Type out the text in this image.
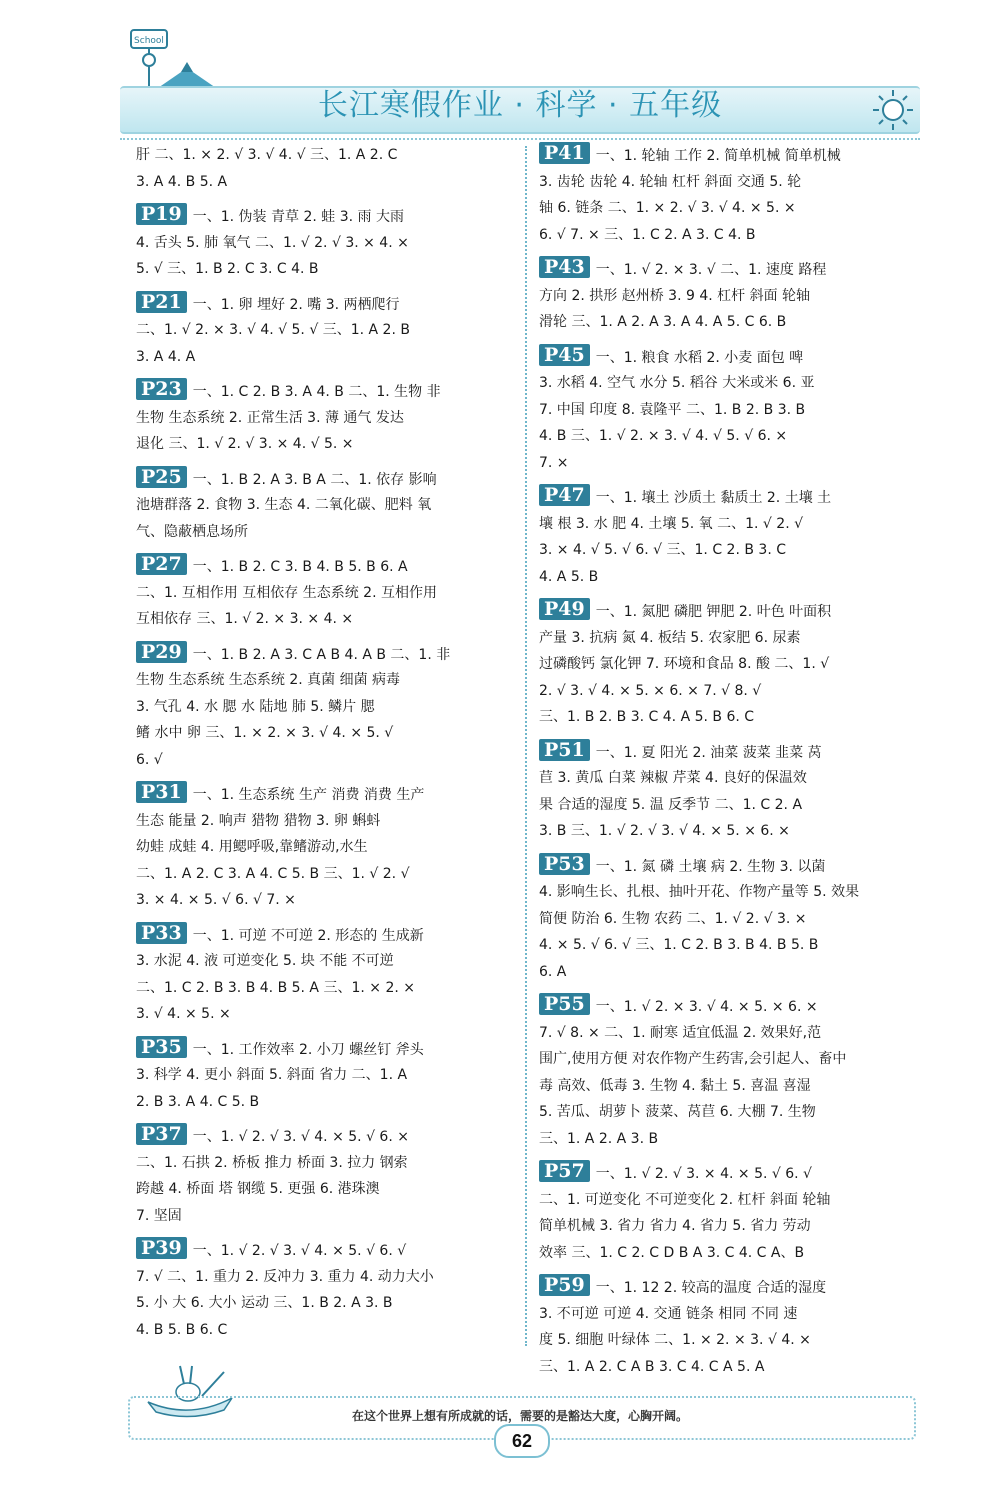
School
长江寒假作业 · 科学 · 五年级
肝 二、1. × 2. √ 3. √ 4. √ 三、1. A 2. C
3. A 4. B 5. A
P19 一、1. 伪装 青草 2. 蛙 3. 雨 大雨
4. 舌头 5. 肺 氧气 二、1. √ 2. √ 3. × 4. ×
5. √ 三、1. B 2. C 3. C 4. B
P21 一、1. 卵 埋好 2. 嘴 3. 两栖爬行
二、1. √ 2. × 3. √ 4. √ 5. √ 三、1. A 2. B
3. A 4. A
P23 一、1. C 2. B 3. A 4. B 二、1. 生物 非
生物 生态系统 2. 正常生活 3. 薄 通气 发达
退化 三、1. √ 2. √ 3. × 4. √ 5. ×
P25 一、1. B 2. A 3. B A 二、1. 依存 影响
池塘群落 2. 食物 3. 生态 4. 二氧化碳、肥料 氧
气、隐蔽栖息场所
P27 一、1. B 2. C 3. B 4. B 5. B 6. A
二、1. 互相作用 互相依存 生态系统 2. 互相作用
互相依存 三、1. √ 2. × 3. × 4. ×
P29 一、1. B 2. A 3. C A B 4. A B 二、1. 非
生物 生态系统 生态系统 2. 真菌 细菌 病毒
3. 气孔 4. 水 腮 水 陆地 肺 5. 鳞片 腮
鳍 水中 卵 三、1. × 2. × 3. √ 4. × 5. √
6. √
P31 一、1. 生态系统 生产 消费 消费 生产
生态 能量 2. 响声 猎物 猎物 3. 卵 蝌蚪
幼蛙 成蛙 4. 用鳃呼吸,靠鳍游动,水生
二、1. A 2. C 3. A 4. C 5. B 三、1. √ 2. √
3. × 4. × 5. √ 6. √ 7. ×
P33 一、1. 可逆 不可逆 2. 形态的 生成新
3. 水泥 4. 液 可逆变化 5. 块 不能 不可逆
二、1. C 2. B 3. B 4. B 5. A 三、1. × 2. ×
3. √ 4. × 5. ×
P35 一、1. 工作效率 2. 小刀 螺丝钉 斧头
3. 科学 4. 更小 斜面 5. 斜面 省力 二、1. A
2. B 3. A 4. C 5. B
P37 一、1. √ 2. √ 3. √ 4. × 5. √ 6. ×
二、1. 石拱 2. 桥板 推力 桥面 3. 拉力 钢索
跨越 4. 桥面 塔 钢缆 5. 更强 6. 港珠澳
7. 坚固
P39 一、1. √ 2. √ 3. √ 4. × 5. √ 6. √
7. √ 二、1. 重力 2. 反冲力 3. 重力 4. 动力大小
5. 小 大 6. 大小 运动 三、1. B 2. A 3. B
4. B 5. B 6. C
P41 一、1. 轮轴 工作 2. 简单机械 简单机械
3. 齿轮 齿轮 4. 轮轴 杠杆 斜面 交通 5. 轮
轴 6. 链条 二、1. × 2. √ 3. √ 4. × 5. ×
6. √ 7. × 三、1. C 2. A 3. C 4. B
P43 一、1. √ 2. × 3. √ 二、1. 速度 路程
方向 2. 拱形 赵州桥 3. 9 4. 杠杆 斜面 轮轴
滑轮 三、1. A 2. A 3. A 4. A 5. C 6. B
P45 一、1. 粮食 水稻 2. 小麦 面包 啤
3. 水稻 4. 空气 水分 5. 稻谷 大米或米 6. 亚
7. 中国 印度 8. 袁隆平 二、1. B 2. B 3. B
4. B 三、1. √ 2. × 3. √ 4. √ 5. √ 6. ×
7. ×
P47 一、1. 壤土 沙质土 黏质土 2. 土壤 土
壤 根 3. 水 肥 4. 土壤 5. 氧 二、1. √ 2. √
3. × 4. √ 5. √ 6. √ 三、1. C 2. B 3. C
4. A 5. B
P49 一、1. 氮肥 磷肥 钾肥 2. 叶色 叶面积
产量 3. 抗病 氮 4. 板结 5. 农家肥 6. 尿素
过磷酸钙 氯化钾 7. 环境和食品 8. 酸 二、1. √
2. √ 3. √ 4. × 5. × 6. × 7. √ 8. √
三、1. B 2. B 3. C 4. A 5. B 6. C
P51 一、1. 夏 阳光 2. 油菜 菠菜 韭菜 莴
苣 3. 黄瓜 白菜 辣椒 芹菜 4. 良好的保温效
果 合适的湿度 5. 温 反季节 二、1. C 2. A
3. B 三、1. √ 2. √ 3. √ 4. × 5. × 6. ×
P53 一、1. 氮 磷 土壤 病 2. 生物 3. 以菌
4. 影响生长、扎根、抽叶开花、作物产量等 5. 效果
简便 防治 6. 生物 农药 二、1. √ 2. √ 3. ×
4. × 5. √ 6. √ 三、1. C 2. B 3. B 4. B 5. B
6. A
P55 一、1. √ 2. × 3. √ 4. × 5. × 6. ×
7. √ 8. × 二、1. 耐寒 适宜低温 2. 效果好,范
围广,使用方便 对农作物产生药害,会引起人、畜中
毒 高效、低毒 3. 生物 4. 黏土 5. 喜温 喜湿
5. 苦瓜、胡萝卜 菠菜、莴苣 6. 大棚 7. 生物
三、1. A 2. A 3. B
P57 一、1. √ 2. √ 3. × 4. × 5. √ 6. √
二、1. 可逆变化 不可逆变化 2. 杠杆 斜面 轮轴
简单机械 3. 省力 省力 4. 省力 5. 省力 劳动
效率 三、1. C 2. C D B A 3. C 4. C A、B
P59 一、1. 12 2. 较高的温度 合适的湿度
3. 不可逆 可逆 4. 交通 链条 相同 不同 速
度 5. 细胞 叶绿体 二、1. × 2. × 3. √ 4. ×
三、1. A 2. C A B 3. C 4. C A 5. A
在这个世界上想有所成就的话，需要的是豁达大度，心胸开阔。
62
